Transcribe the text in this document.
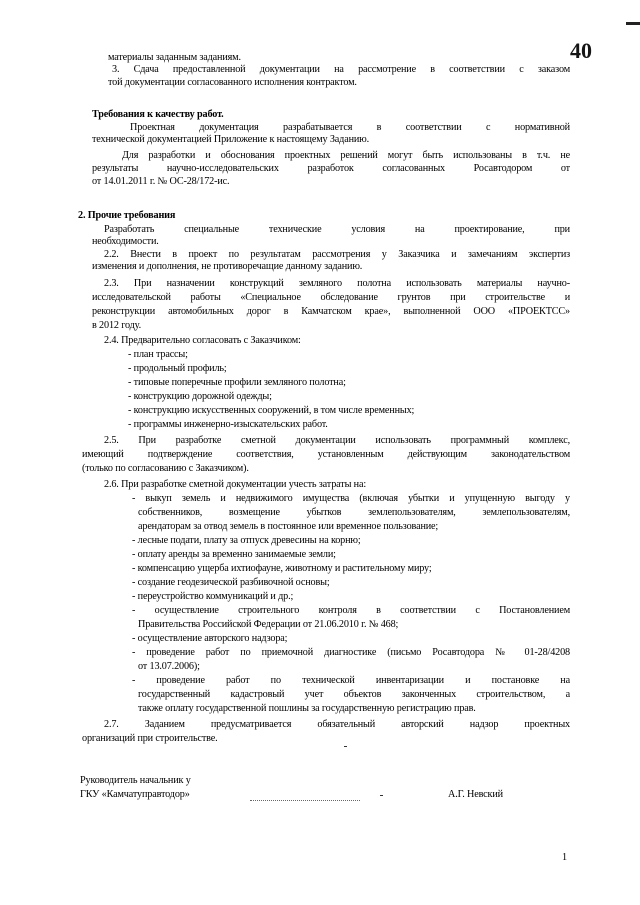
40
материалы заданным заданиям.
3. Сдача предоставленной документации на рассмотрение в соответствии с заказом
той документации согласованного исполнения контрактом.
Требования к качеству работ.
Проектная документация разрабатывается в соответствии с нормативной
технической документацией Приложение к настоящему Заданию.
Для разработки и обоснования проектных решений могут быть использованы в т.ч. не
результаты научно-исследовательских разработок согласованных Росавтодором от
от 14.01.2011 г. № ОС-28/172-ис.
2. Прочие требования
Разработать специальные технические условия на проектирование, при
необходимости.
2.2. Внести в проект по результатам рассмотрения у Заказчика и замечаниям экспертиз
изменения и дополнения, не противоречащие данному заданию.
2.3. При назначении конструкций земляного полотна использовать материалы научно-
исследовательской работы «Специальное обследование грунтов при строительстве и
реконструкции автомобильных дорог в Камчатском крае», выполненной ООО «ПРОЕКТСС»
в 2012 году.
2.4. Предварительно согласовать с Заказчиком:
- план трассы;
- продольный профиль;
- типовые поперечные профили земляного полотна;
- конструкцию дорожной одежды;
- конструкцию искусственных сооружений, в том числе временных;
- программы инженерно-изыскательских работ.
2.5. При разработке сметной документации использовать программный комплекс,
имеющий подтверждение соответствия, установленным действующим законодательством
(только по согласованию с Заказчиком).
2.6. При разработке сметной документации учесть затраты на:
- выкуп земель и недвижимого имущества (включая убытки и упущенную выгоду у
собственников, возмещение убытков землепользователям, землепользователям,
арендаторам за отвод земель в постоянное или временное пользование;
- лесные подати, плату за отпуск древесины на корню;
- оплату аренды за временно занимаемые земли;
- компенсацию ущерба ихтиофауне, животному и растительному миру;
- создание геодезической разбивочной основы;
- переустройство коммуникаций и др.;
- осуществление строительного контроля в соответствии с Постановлением
Правительства Российской Федерации от 21.06.2010 г. № 468;
- осуществление авторского надзора;
- проведение работ по приемочной диагностике (письмо Росавтодора № 01-28/4208
от 13.07.2006);
- проведение работ по технической инвентаризации и постановке на
государственный кадастровый учет объектов законченных строительством, а
также оплату государственной пошлины за государственную регистрацию прав.
2.7. Заданием предусматривается обязательный авторский надзор проектных
организаций при строительстве.
Руководитель начальник у
ГКУ «Камчатуправтодор»	А.Г. Невский
1
